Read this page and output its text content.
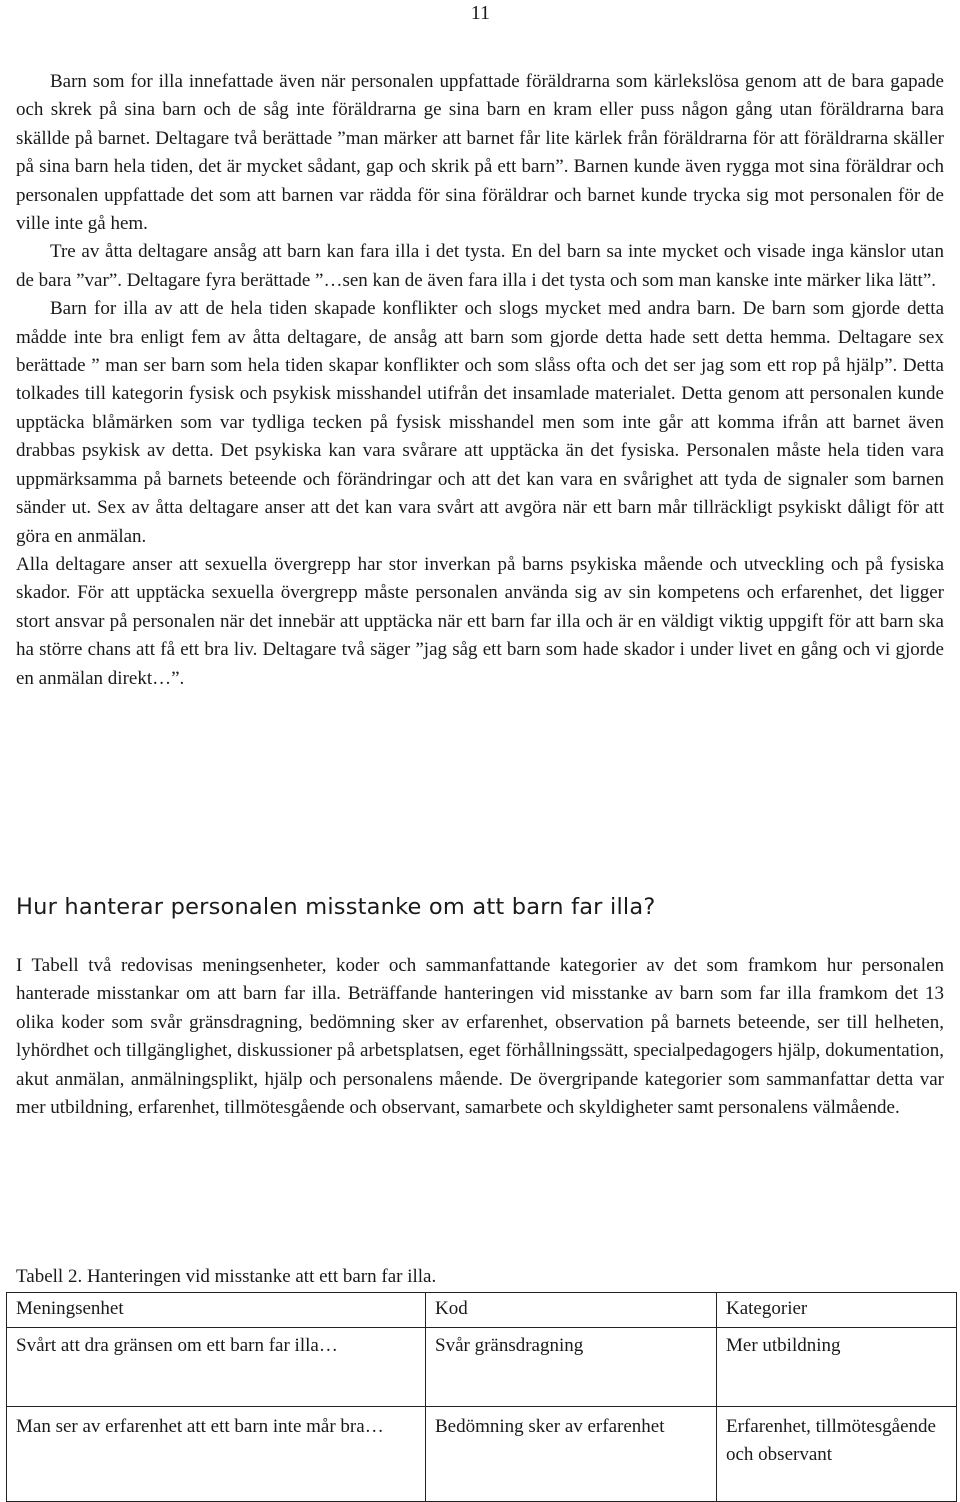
11

Barn som for illa innefattade även när personalen uppfattade föräldrarna som kärlekslösa genom att de bara gapade och skrek på sina barn och de såg inte föräldrarna ge sina barn en kram eller puss någon gång utan föräldrarna bara skällde på barnet. Deltagare två berättade ”man märker att barnet får lite kärlek från föräldrarna för att föräldrarna skäller på sina barn hela tiden, det är mycket sådant, gap och skrik på ett barn”. Barnen kunde även rygga mot sina föräldrar och personalen uppfattade det som att barnen var rädda för sina föräldrar och barnet kunde trycka sig mot personalen för de ville inte gå hem.

Tre av åtta deltagare ansåg att barn kan fara illa i det tysta. En del barn sa inte mycket och visade inga känslor utan de bara ”var”. Deltagare fyra berättade ”…sen kan de även fara illa i det tysta och som man kanske inte märker lika lätt”.

Barn for illa av att de hela tiden skapade konflikter och slogs mycket med andra barn. De barn som gjorde detta mådde inte bra enligt fem av åtta deltagare, de ansåg att barn som gjorde detta hade sett detta hemma. Deltagare sex berättade ” man ser barn som hela tiden skapar konflikter och som slåss ofta och det ser jag som ett rop på hjälp”. Detta tolkades till kategorin fysisk och psykisk misshandel utifrån det insamlade materialet. Detta genom att personalen kunde upptäcka blåmärken som var tydliga tecken på fysisk misshandel men som inte går att komma ifrån att barnet även drabbas psykisk av detta. Det psykiska kan vara svårare att upptäcka än det fysiska. Personalen måste hela tiden vara uppmärksamma på barnets beteende och förändringar och att det kan vara en svårighet att tyda de signaler som barnen sänder ut. Sex av åtta deltagare anser att det kan vara svårt att avgöra när ett barn mår tillräckligt psykiskt dåligt för att göra en anmälan.

Alla deltagare anser att sexuella övergrepp har stor inverkan på barns psykiska mående och utveckling och på fysiska skador. För att upptäcka sexuella övergrepp måste personalen använda sig av sin kompetens och erfarenhet, det ligger stort ansvar på personalen när det innebär att upptäcka när ett barn far illa och är en väldigt viktig uppgift för att barn ska ha större chans att få ett bra liv. Deltagare två säger ”jag såg ett barn som hade skador i under livet en gång och vi gjorde en anmälan direkt…”.

Hur hanterar personalen misstanke om att barn far illa?

I Tabell två redovisas meningsenheter, koder och sammanfattande kategorier av det som framkom hur personalen hanterade misstankar om att barn far illa. Beträffande hanteringen vid misstanke av barn som far illa framkom det 13 olika koder som svår gränsdragning, bedömning sker av erfarenhet, observation på barnets beteende, ser till helheten, lyhördhet och tillgänglighet, diskussioner på arbetsplatsen, eget förhållningssätt, specialpedagogers hjälp, dokumentation, akut anmälan, anmälningsplikt, hjälp och personalens mående. De övergripande kategorier som sammanfattar detta var mer utbildning, erfarenhet, tillmötesgående och observant, samarbete och skyldigheter samt personalens välmående.

Tabell 2. Hanteringen vid misstanke att ett barn far illa.

Meningsenhet	Kod	Kategorier
Svårt att dra gränsen om ett barn far illa…	Svår gränsdragning	Mer utbildning
Man ser av erfarenhet att ett barn inte mår bra…	Bedömning sker av erfarenhet	Erfarenhet, tillmötesgående och observant
